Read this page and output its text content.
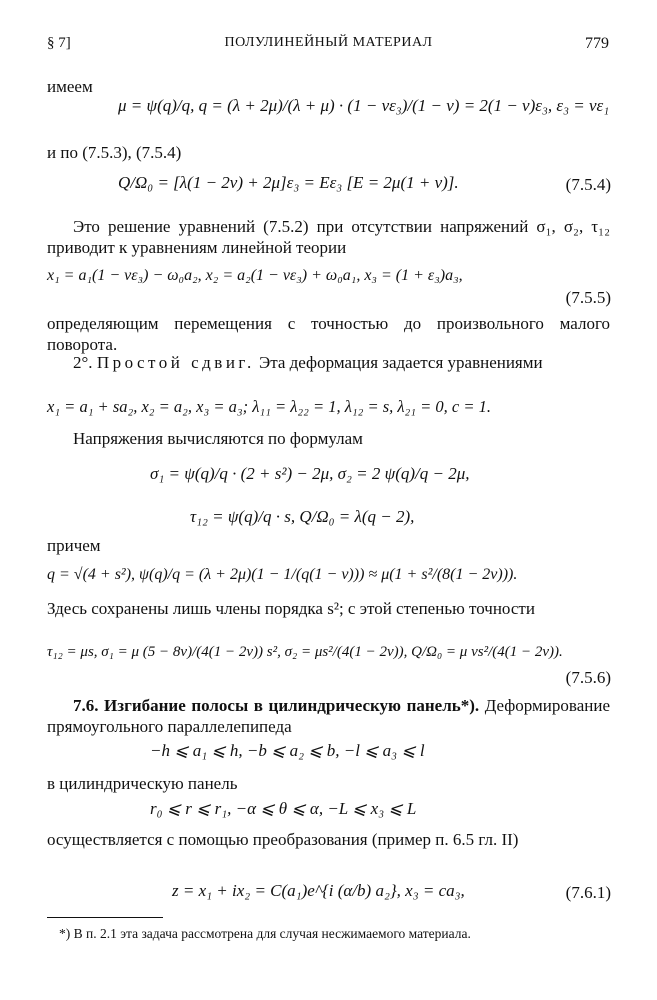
§ 7]	ПОЛУЛИНЕЙНЫЙ МАТЕРИАЛ	779
имеем
μ = ψ(q)/q, q = (λ + 2μ)/(λ + μ) · (1 − νε₃)/(1 − ν) = 2(1 − ν)ε₃, ε₃ = νε₁
и по (7.5.3), (7.5.4)
Q/Ω₀ = [λ(1 − 2ν) + 2μ]ε₃ = Eε₃ [E = 2μ(1 + ν)].	(7.5.4)
Это решение уравнений (7.5.2) при отсутствии напряжений σ₁, σ₂, τ₁₂ приводит к уравнениям линейной теории
x₁ = a₁(1 − νε₃) − ω₀a₂, x₂ = a₂(1 − νε₃) + ω₀a₁, x₃ = (1 + ε₃)a₃,
(7.5.5)
определяющим перемещения с точностью до произвольного малого поворота.
2°. Простой сдвиг. Эта деформация задается уравнениями
x₁ = a₁ + sa₂, x₂ = a₂, x₃ = a₃; λ₁₁ = λ₂₂ = 1, λ₁₂ = s, λ₂₁ = 0, c = 1.
Напряжения вычисляются по формулам
σ₁ = ψ(q)/q · (2 + s²) − 2μ, σ₂ = 2 ψ(q)/q − 2μ,
τ₁₂ = ψ(q)/q · s, Q/Ω₀ = λ(q − 2),
причем
q = √(4 + s²), ψ(q)/q = (λ + 2μ)(1 − 1/(q(1 − ν))) ≈ μ(1 + s²/(8(1 − 2ν))).
Здесь сохранены лишь члены порядка s²; с этой степенью точности
τ₁₂ = μs, σ₁ = μ (5 − 8ν)/(4(1 − 2ν)) s², σ₂ = μs²/(4(1 − 2ν)), Q/Ω₀ = μ νs²/(4(1 − 2ν)).
(7.5.6)
7.6. Изгибание полосы в цилиндрическую панель*). Деформирование прямоугольного параллелепипеда
−h ⩽ a₁ ⩽ h, −b ⩽ a₂ ⩽ b, −l ⩽ a₃ ⩽ l
в цилиндрическую панель
r₀ ⩽ r ⩽ r₁, −α ⩽ θ ⩽ α, −L ⩽ x₃ ⩽ L
осуществляется с помощью преобразования (пример п. 6.5 гл. II)
z = x₁ + ix₂ = C(a₁)e^{i (α/b) a₂}, x₃ = ca₃,	(7.6.1)
*) В п. 2.1 эта задача рассмотрена для случая несжимаемого материала.
